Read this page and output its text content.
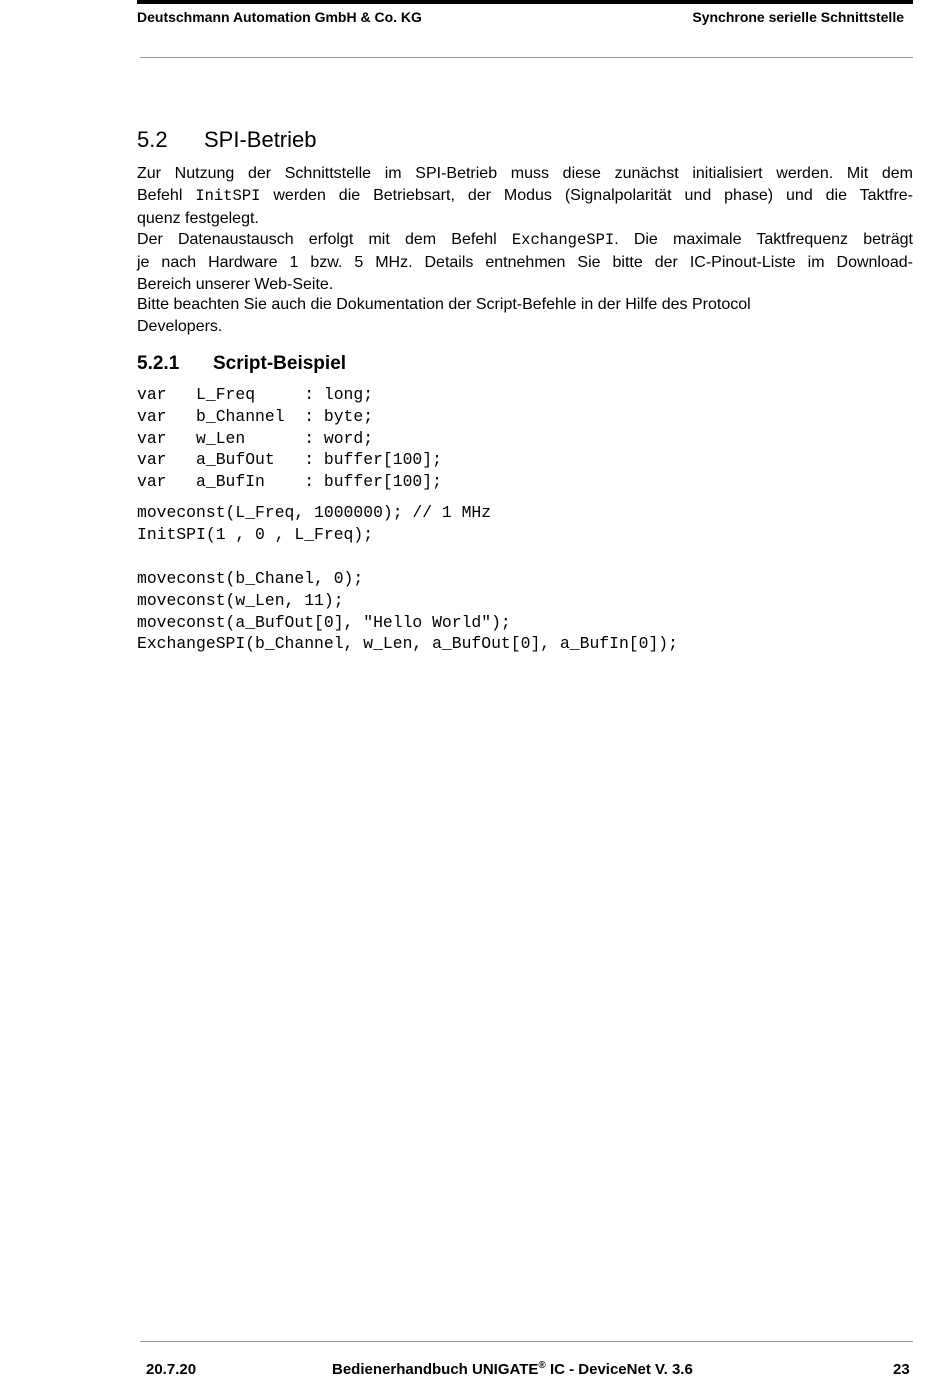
Deutschmann Automation GmbH & Co. KG	Synchrone serielle Schnittstelle
5.2 SPI-Betrieb
Zur Nutzung der Schnittstelle im SPI-Betrieb muss diese zunächst initialisiert werden. Mit dem
Befehl InitSPI werden die Betriebsart, der Modus (Signalpolarität und phase) und die Taktfre-
quenz festgelegt.
Der Datenaustausch erfolgt mit dem Befehl ExchangeSPI. Die maximale Taktfrequenz beträgt
je nach Hardware 1 bzw. 5 MHz. Details entnehmen Sie bitte der IC-Pinout-Liste im Download-
Bereich unserer Web-Seite.
Bitte beachten Sie auch die Dokumentation der Script-Befehle in der Hilfe des Protocol
Developers.
5.2.1 Script-Beispiel
var   L_Freq     : long;
var   b_Channel  : byte;
var   w_Len      : word;
var   a_BufOut   : buffer[100];
var   a_BufIn    : buffer[100];
moveconst(L_Freq, 1000000); // 1 MHz
InitSPI(1 , 0 , L_Freq);
moveconst(b_Chanel, 0);
moveconst(w_Len, 11);
moveconst(a_BufOut[0], "Hello World");
ExchangeSPI(b_Channel, w_Len, a_BufOut[0], a_BufIn[0]);
20.7.20	Bedienerhandbuch UNIGATE® IC - DeviceNet V. 3.6	23
